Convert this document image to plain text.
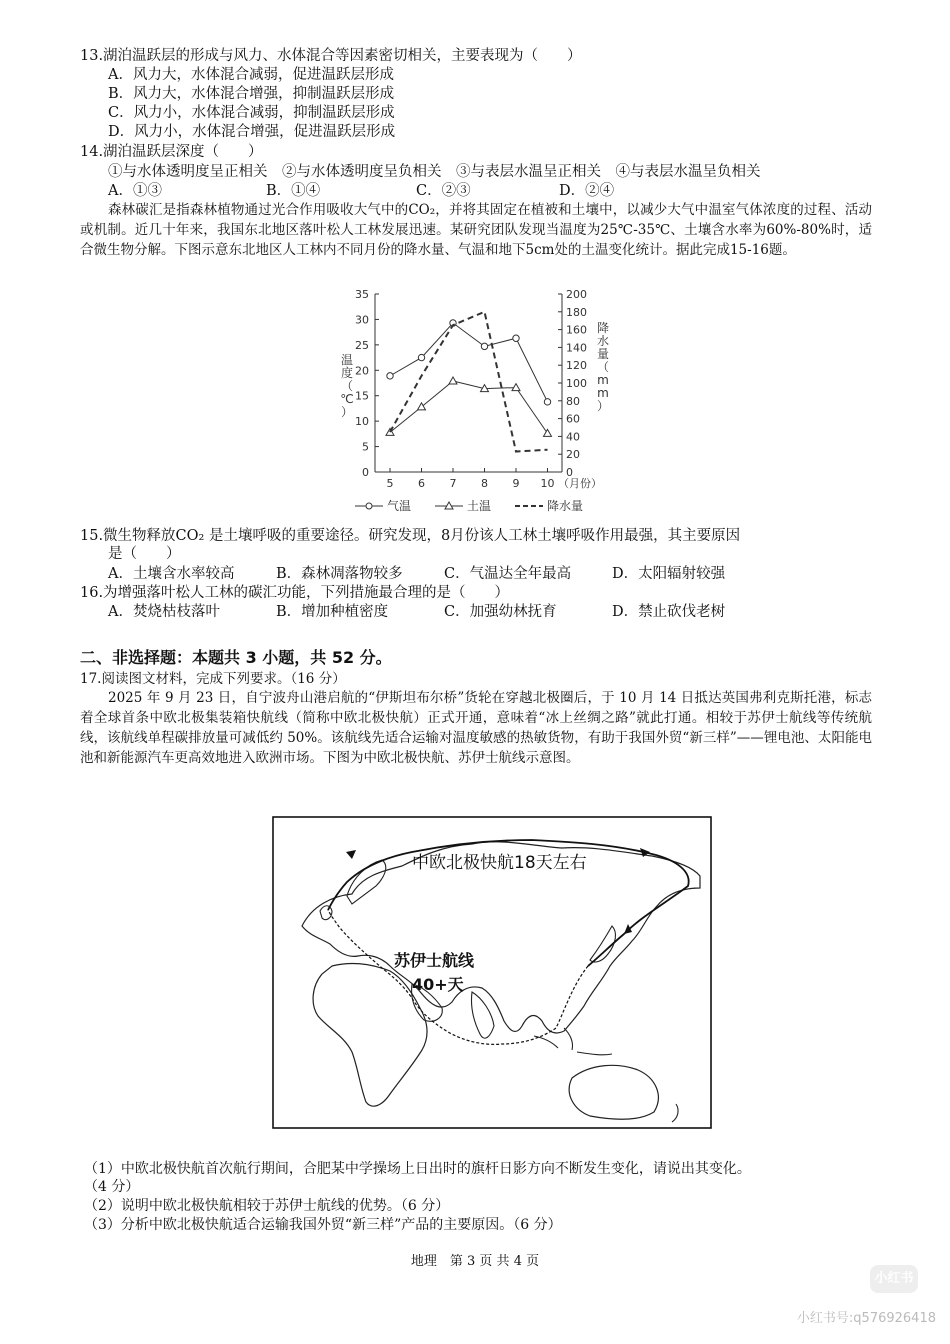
13.湖泊温跃层的形成与风力、水体混合等因素密切相关，主要表现为（　　）
A．风力大，水体混合减弱，促进温跃层形成
B．风力大，水体混合增强，抑制温跃层形成
C．风力小，水体混合减弱，抑制温跃层形成
D．风力小，水体混合增强，促进温跃层形成
14.湖泊温跃层深度（　　）
①与水体透明度呈正相关　②与水体透明度呈负相关　③与表层水温呈正相关　④与表层水温呈负相关
A．①③	B．①④	C．②③	D．②④
森林碳汇是指森林植物通过光合作用吸收大气中的CO₂，并将其固定在植被和土壤中，以减少大气中温室气体浓度的过程、活动或机制。近几十年来，我国东北地区落叶松人工林发展迅速。某研究团队发现当温度为25℃-35℃、土壤含水率为60%-80%时，适合微生物分解。下图示意东北地区人工林内不同月份的降水量、气温和地下5cm处的土温变化统计。据此完成15-16题。
0
5
10
15
20
25
30
35
0
20
40
60
80
100
120
140
160
180
200
5 6 7 8 9 10 （月份）
温
度
（
℃
）
降
水
量
（
m
m
）
气温	土温	降水量
15.微生物释放CO₂ 是土壤呼吸的重要途径。研究发现，8月份该人工林土壤呼吸作用最强，其主要原因
是（　　）
A．土壤含水率较高	B．森林凋落物较多	C．气温达全年最高	D．太阳辐射较强
16.为增强落叶松人工林的碳汇功能，下列措施最合理的是（　　）
A．焚烧枯枝落叶	B．增加种植密度	C．加强幼林抚育	D．禁止砍伐老树
二、非选择题：本题共 3 小题，共 52 分。
17.阅读图文材料，完成下列要求。（16 分）
2025 年 9 月 23 日，自宁波舟山港启航的“伊斯坦布尔桥”货轮在穿越北极圈后，于 10 月 14 日抵达英国弗利克斯托港，标志着全球首条中欧北极集装箱快航线（简称中欧北极快航）正式开通，意味着“冰上丝绸之路”就此打通。相较于苏伊士航线等传统航线，该航线单程碳排放量可减低约 50%。该航线先适合运输对温度敏感的热敏货物，有助于我国外贸“新三样”——锂电池、太阳能电池和新能源汽车更高效地进入欧洲市场。下图为中欧北极快航、苏伊士航线示意图。
中欧北极快航18天左右
苏伊士航线
40+天
（1）中欧北极快航首次航行期间，合肥某中学操场上日出时的旗杆日影方向不断发生变化，请说出其变化。
（4 分）
（2）说明中欧北极快航相较于苏伊士航线的优势。（6 分）
（3）分析中欧北极快航适合运输我国外贸“新三样”产品的主要原因。（6 分）
地理　第 3 页 共 4 页
小红书
小红书号:q576926418
